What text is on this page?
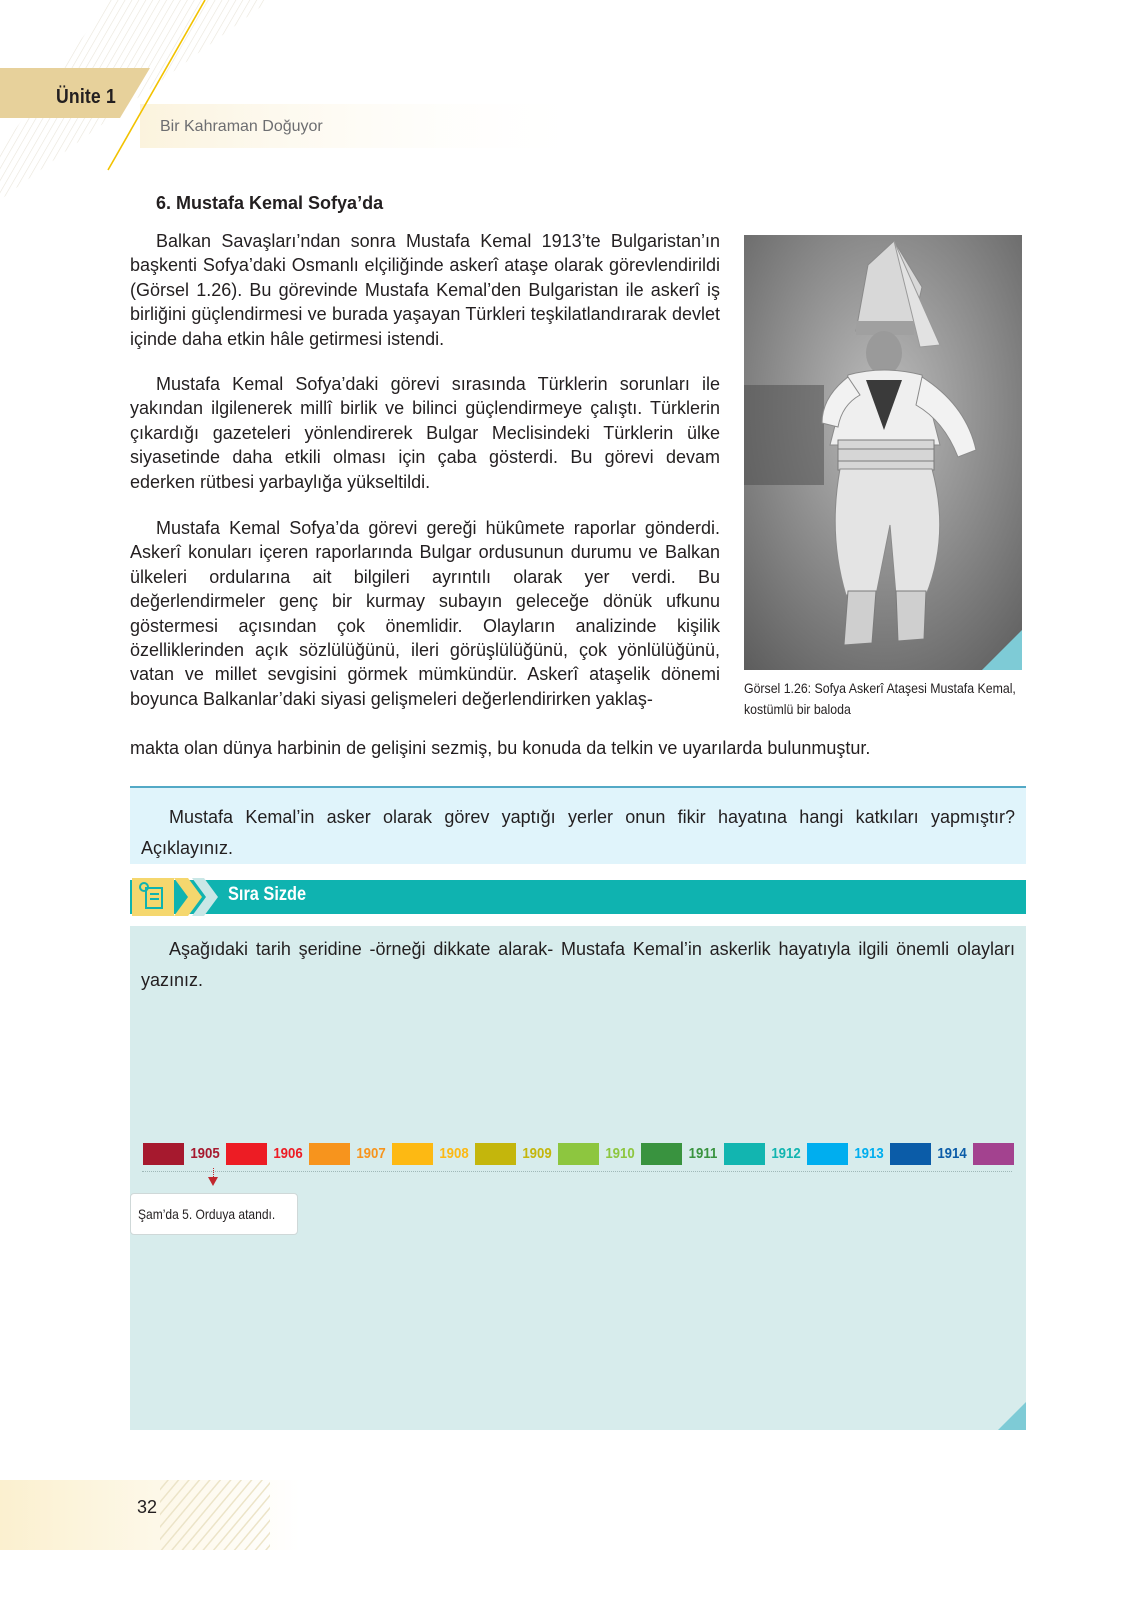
Ünite 1
Bir Kahraman Doğuyor
6. Mustafa Kemal Sofya’da

Balkan Savaşları’ndan sonra Mustafa Kemal 1913’te Bulgaristan’ın başkenti Sofya’daki Osmanlı elçiliğinde askerî ataşe olarak görevlendirildi (Görsel 1.26). Bu görevinde Mustafa Kemal’den Bulgaristan ile askerî iş birliğini güçlendirmesi ve burada yaşayan Türkleri teşkilatlandırarak devlet içinde daha etkin hâle getirmesi istendi.

Mustafa Kemal Sofya’daki görevi sırasında Türklerin sorunları ile yakından ilgilenerek millî birlik ve bilinci güçlendirmeye çalıştı. Türklerin çıkardığı gazeteleri yönlendirerek Bulgar Meclisindeki Türklerin ülke siyasetinde daha etkili olması için çaba gösterdi. Bu görevi devam ederken rütbesi yarbaylığa yükseltildi.

Mustafa Kemal Sofya’da görevi gereği hükûmete raporlar gönderdi. Askerî konuları içeren raporlarında Bulgar ordusunun durumu ve Balkan ülkeleri ordularına ait bilgileri ayrıntılı olarak yer verdi. Bu değerlendirmeler genç bir kurmay subayın geleceğe dönük ufkunu göstermesi açısından çok önemlidir. Olayların analizinde kişilik özelliklerinden açık sözlülüğünü, ileri görüşlülüğünü, çok yönlülüğünü, vatan ve millet sevgisini görmek mümkündür. Askerî ataşelik dönemi boyunca Balkanlar’daki siyasi gelişmeleri değerlendirirken yaklaş-

makta olan dünya harbinin de gelişini sezmiş, bu konuda da telkin ve uyarılarda bulunmuştur.

Görsel 1.26: Sofya Askerî Ataşesi Mustafa Kemal, kostümlü bir baloda

Mustafa Kemal’in asker olarak görev yaptığı yerler onun fikir hayatına hangi katkıları yapmıştır? Açıklayınız.

Sıra Sizde

Aşağıdaki tarih şeridine -örneği dikkate alarak- Mustafa Kemal’in askerlik hayatıyla ilgili önemli olayları yazınız.

1905	1906	1907	1908	1909	1910	1911	1912	1913	1914
Şam’da 5. Orduya atandı.
32
